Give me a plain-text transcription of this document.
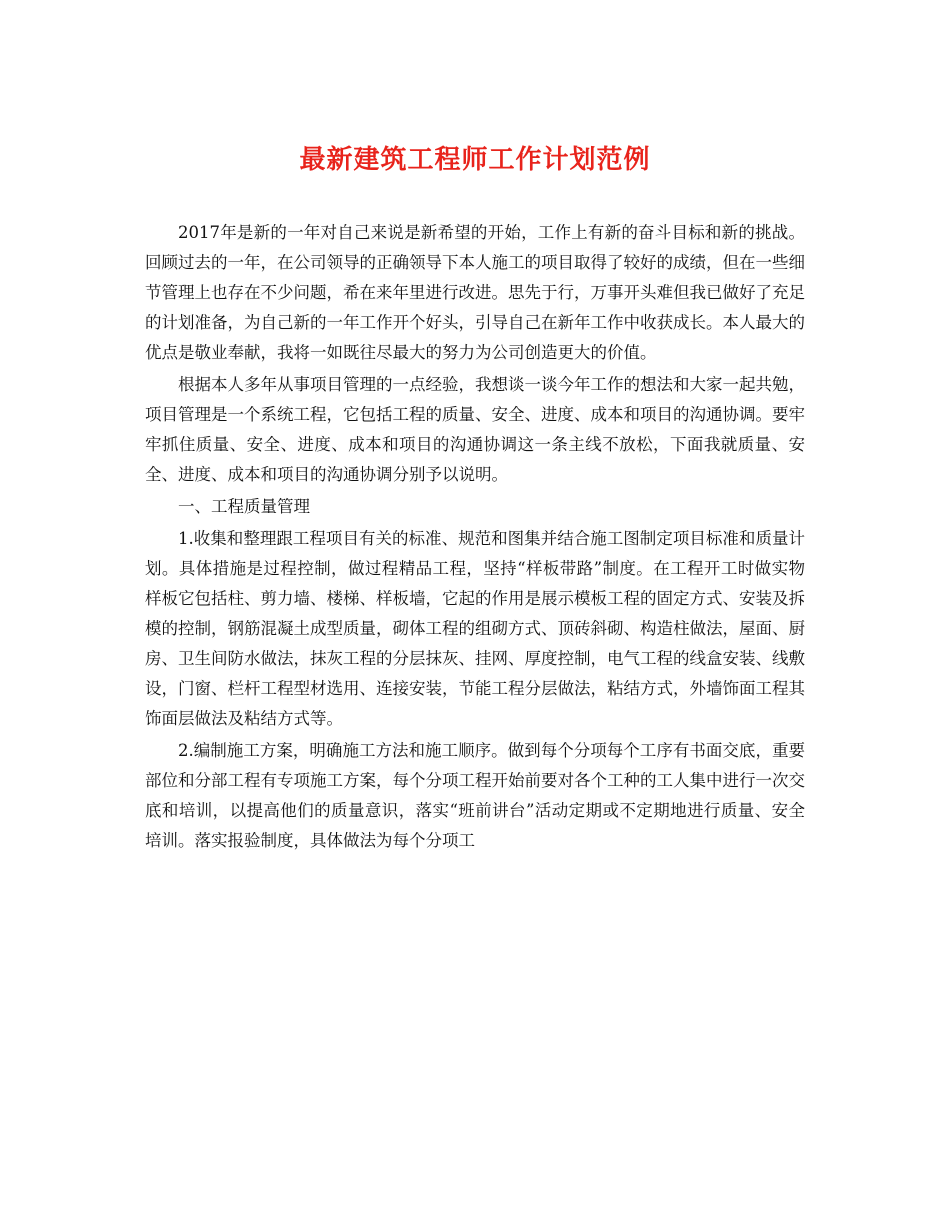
最新建筑工程师工作计划范例

2017年是新的一年对自己来说是新希望的开始，工作上有新的奋斗目标和新的挑战。回顾过去的一年，在公司领导的正确领导下本人施工的项目取得了较好的成绩，但在一些细节管理上也存在不少问题，希在来年里进行改进。思先于行，万事开头难但我已做好了充足的计划准备，为自己新的一年工作开个好头，引导自己在新年工作中收获成长。本人最大的优点是敬业奉献，我将一如既往尽最大的努力为公司创造更大的价值。

根据本人多年从事项目管理的一点经验，我想谈一谈今年工作的想法和大家一起共勉，项目管理是一个系统工程，它包括工程的质量、安全、进度、成本和项目的沟通协调。要牢牢抓住质量、安全、进度、成本和项目的沟通协调这一条主线不放松，下面我就质量、安全、进度、成本和项目的沟通协调分别予以说明。

一、工程质量管理

1.收集和整理跟工程项目有关的标准、规范和图集并结合施工图制定项目标准和质量计划。具体措施是过程控制，做过程精品工程，坚持“样板带路”制度。在工程开工时做实物样板它包括柱、剪力墙、楼梯、样板墙，它起的作用是展示模板工程的固定方式、安装及拆模的控制，钢筋混凝土成型质量，砌体工程的组砌方式、顶砖斜砌、构造柱做法，屋面、厨房、卫生间防水做法，抹灰工程的分层抹灰、挂网、厚度控制，电气工程的线盒安装、线敷设，门窗、栏杆工程型材选用、连接安装，节能工程分层做法，粘结方式，外墙饰面工程其饰面层做法及粘结方式等。

2.编制施工方案，明确施工方法和施工顺序。做到每个分项每个工序有书面交底，重要部位和分部工程有专项施工方案，每个分项工程开始前要对各个工种的工人集中进行一次交底和培训，以提高他们的质量意识，落实“班前讲台”活动定期或不定期地进行质量、安全培训。落实报验制度，具体做法为每个分项工
